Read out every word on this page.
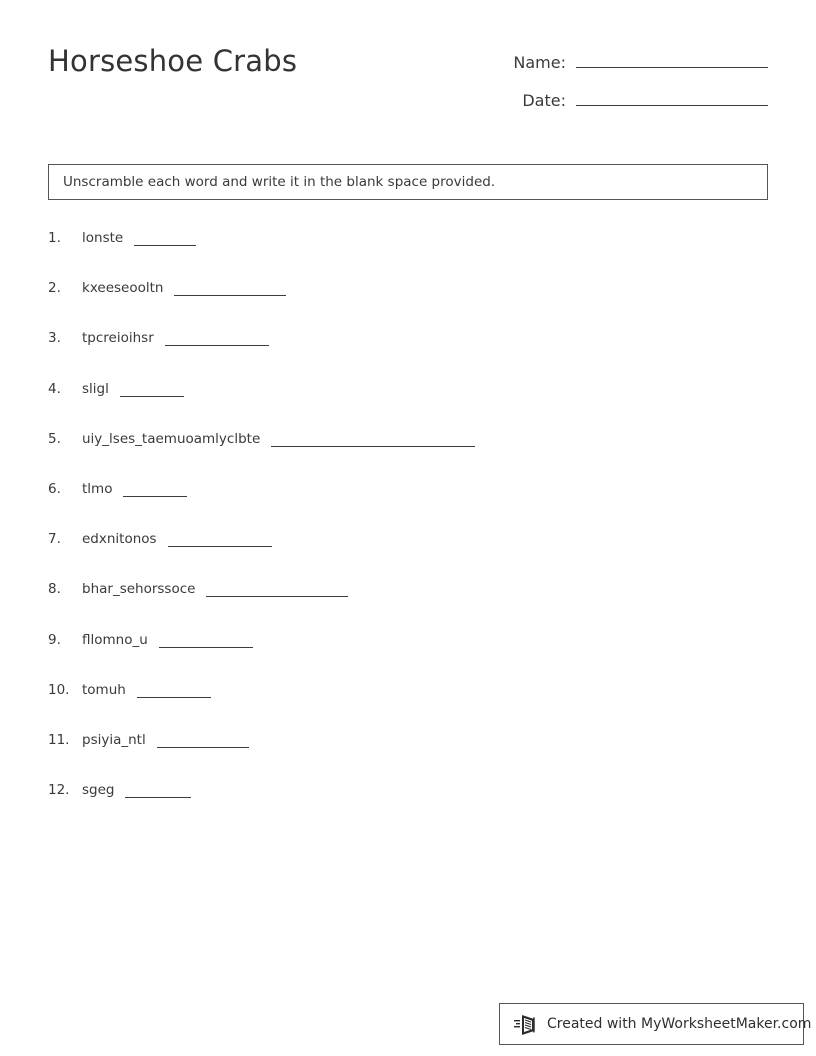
Horseshoe Crabs	Name:
Date:
Unscramble each word and write it in the blank space provided.
1.	lonste
2.	kxeeseooltn
3.	tpcreioihsr
4.	sligl
5.	uiy_lses_taemuoamlyclbte
6.	tlmo
7.	edxnitonos
8.	bhar_sehorssoce
9.	fllomno_u
10. tomuh
11. psiyia_ntl
12. sgeg
Created with MyWorksheetMaker.com
